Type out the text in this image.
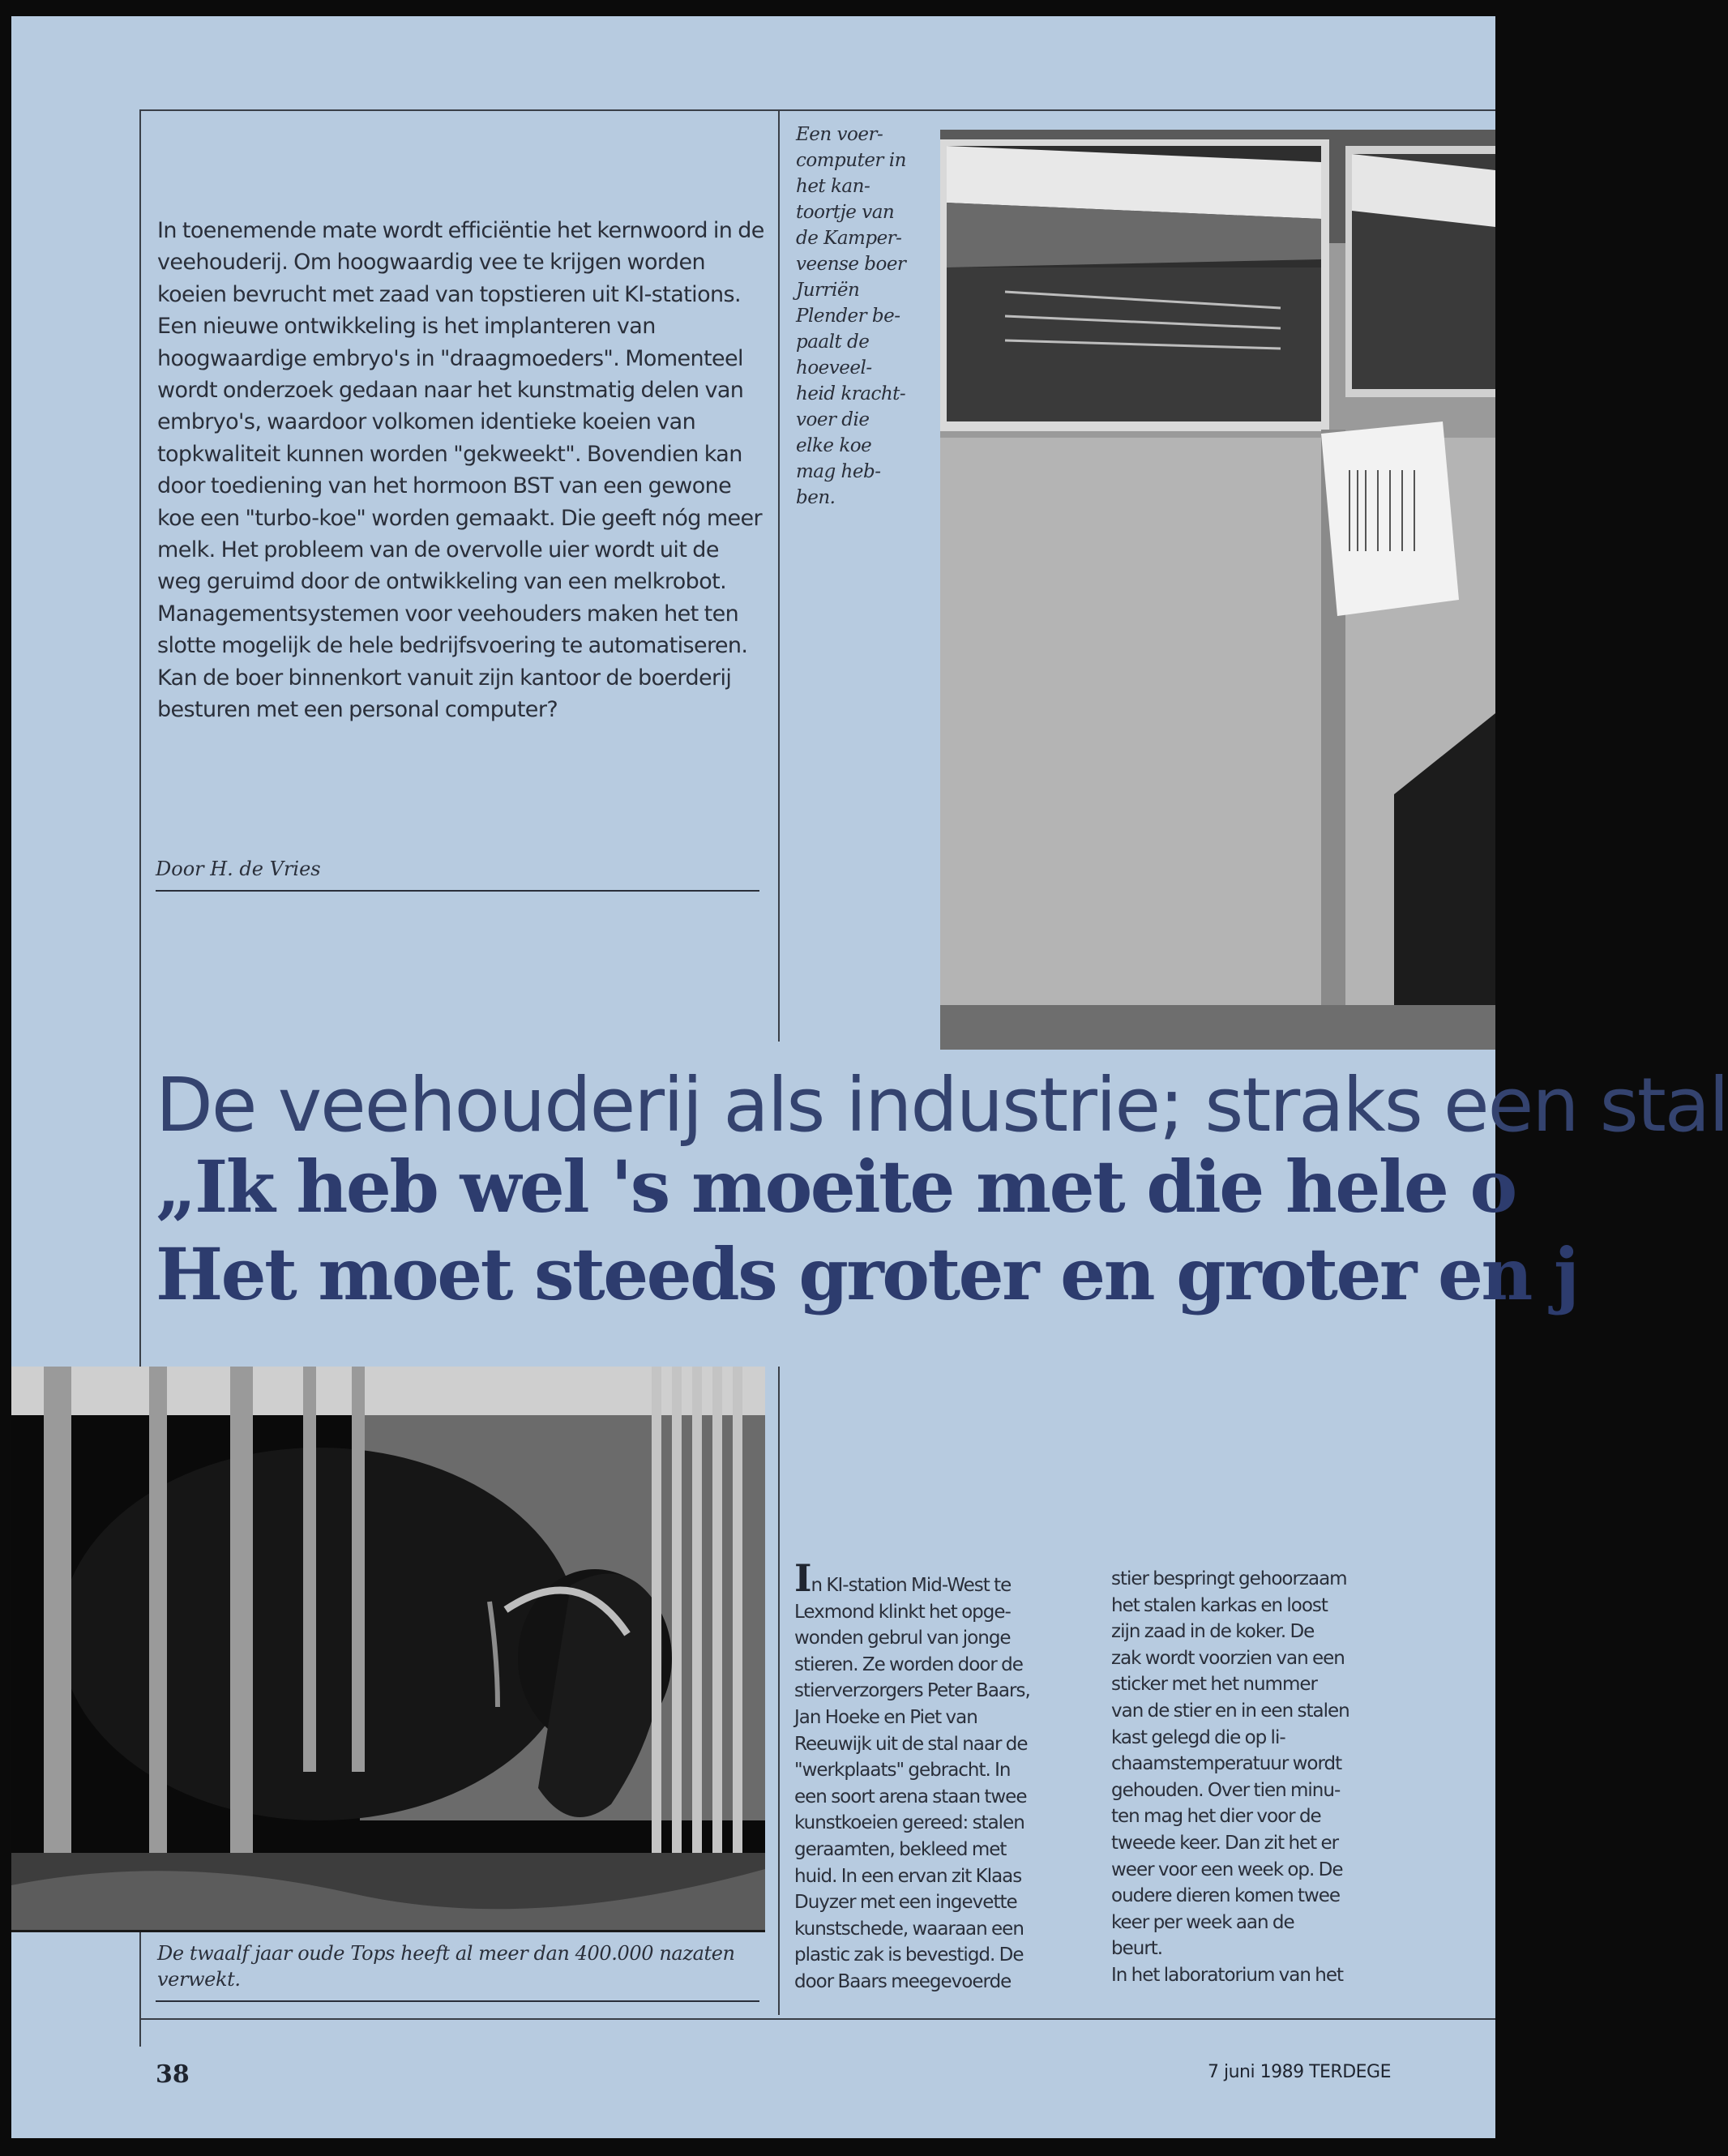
In toenemende mate wordt efficiëntie het kernwoord in de veehouderij. Om hoogwaardig vee te krijgen worden koeien bevrucht met zaad van topstieren uit KI-stations. Een nieuwe ontwikkeling is het implanteren van hoogwaardige embryo's in "draagmoeders". Momenteel wordt onderzoek gedaan naar het kunstmatig delen van embryo's, waardoor volkomen identieke koeien van topkwaliteit kunnen worden "gekweekt". Bovendien kan door toediening van het hormoon BST van een gewone koe een "turbo-koe" worden gemaakt. Die geeft nóg meer melk. Het probleem van de overvolle uier wordt uit de weg geruimd door de ontwikkeling van een melkrobot. Managementsystemen voor veehouders maken het ten slotte mogelijk de hele bedrijfsvoering te automatiseren. Kan de boer binnenkort vanuit zijn kantoor de boerderij besturen met een personal computer?

Door H. de Vries
Een voer-
computer in
het kan-
toortje van
de Kamper-
veense boer
Jurriën
Plender be-
paalt de
hoeveel-
heid kracht-
voer die
elke koe
mag heb-
ben.
De veehouderij als industrie; straks een stal
„Ik heb wel 's moeite met die hele o
Het moet steeds groter en groter en j
De twaalf jaar oude Tops heeft al meer dan 400.000 nazaten verwekt.
In KI-station Mid-West te
Lexmond klinkt het opge-
wonden gebrul van jonge
stieren. Ze worden door de
stierverzorgers Peter Baars,
Jan Hoeke en Piet van
Reeuwijk uit de stal naar de
"werkplaats" gebracht. In
een soort arena staan twee
kunstkoeien gereed: stalen
geraamten, bekleed met
huid. In een ervan zit Klaas
Duyzer met een ingevette
kunstschede, waaraan een
plastic zak is bevestigd. De
door Baars meegevoerde
stier bespringt gehoorzaam
het stalen karkas en loost
zijn zaad in de koker. De
zak wordt voorzien van een
sticker met het nummer
van de stier en in een stalen
kast gelegd die op li-
chaamstemperatuur wordt
gehouden. Over tien minu-
ten mag het dier voor de
tweede keer. Dan zit het er
weer voor een week op. De
oudere dieren komen twee
keer per week aan de
beurt.
In het laboratorium van het
38	7 juni 1989 TERDEGE
